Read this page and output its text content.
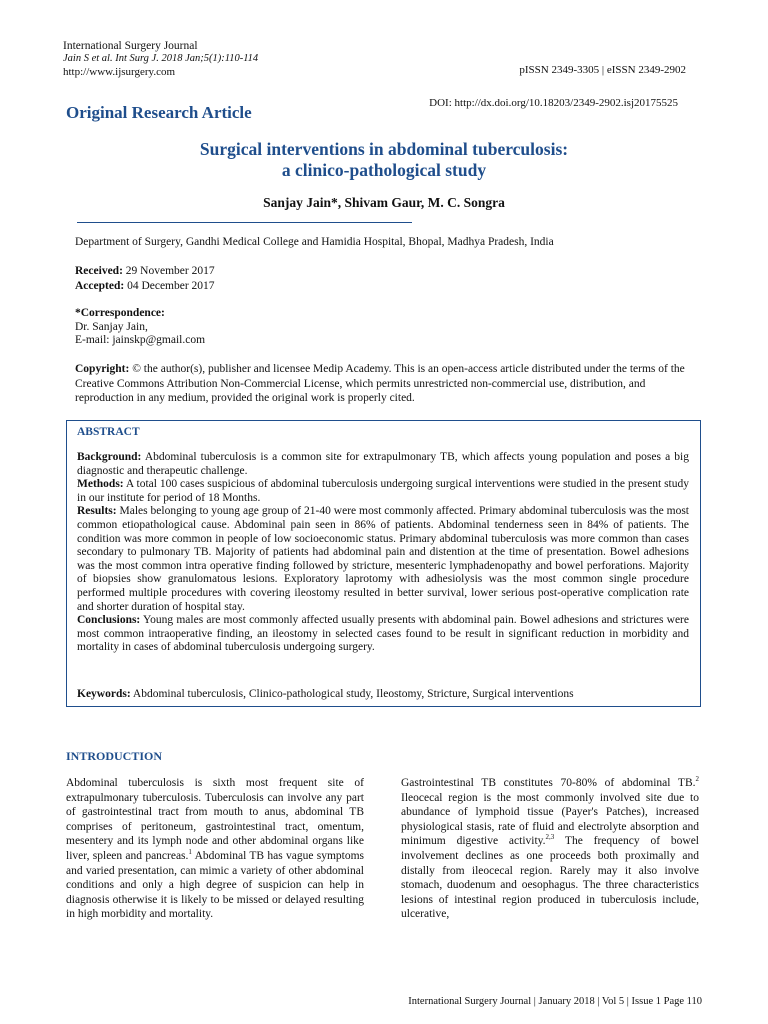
International Surgery Journal
Jain S et al. Int Surg J. 2018 Jan;5(1):110-114
http://www.ijsurgery.com	pISSN 2349-3305 | eISSN 2349-2902
Original Research Article	DOI: http://dx.doi.org/10.18203/2349-2902.isj20175525
Surgical interventions in abdominal tuberculosis:
a clinico-pathological study
Sanjay Jain*, Shivam Gaur, M. C. Songra
Department of Surgery, Gandhi Medical College and Hamidia Hospital, Bhopal, Madhya Pradesh, India
Received: 29 November 2017
Accepted: 04 December 2017
*Correspondence:
Dr. Sanjay Jain,
E-mail: jainskp@gmail.com
Copyright: © the author(s), publisher and licensee Medip Academy. This is an open-access article distributed under the terms of the Creative Commons Attribution Non-Commercial License, which permits unrestricted non-commercial use, distribution, and reproduction in any medium, provided the original work is properly cited.
ABSTRACT

Background: Abdominal tuberculosis is a common site for extrapulmonary TB, which affects young population and poses a big diagnostic and therapeutic challenge.

Methods: A total 100 cases suspicious of abdominal tuberculosis undergoing surgical interventions were studied in the present study in our institute for period of 18 Months.

Results: Males belonging to young age group of 21-40 were most commonly affected. Primary abdominal tuberculosis was the most common etiopathological cause. Abdominal pain seen in 86% of patients. Abdominal tenderness seen in 84% of patients. The condition was more common in people of low socioeconomic status. Primary abdominal tuberculosis was more common than cases secondary to pulmonary TB. Majority of patients had abdominal pain and distention at the time of presentation. Bowel adhesions was the most common intra operative finding followed by stricture, mesenteric lymphadenopathy and bowel perforations. Majority of biopsies show granulomatous lesions. Exploratory laprotomy with adhesiolysis was the most common single procedure performed multiple procedures with covering ileostomy resulted in better survival, lower serious post-operative complication rate and shorter duration of hospital stay.

Conclusions: Young males are most commonly affected usually presents with abdominal pain. Bowel adhesions and strictures were most common intraoperative finding, an ileostomy in selected cases found to be result in significant reduction in morbidity and mortality in cases of abdominal tuberculosis undergoing surgery.

Keywords: Abdominal tuberculosis, Clinico-pathological study, Ileostomy, Stricture, Surgical interventions
INTRODUCTION

Abdominal tuberculosis is sixth most frequent site of extrapulmonary tuberculosis. Tuberculosis can involve any part of gastrointestinal tract from mouth to anus, abdominal TB comprises of peritoneum, gastrointestinal tract, omentum, mesentery and its lymph node and other abdominal organs like liver, spleen and pancreas.$^1$ Abdominal TB has vague symptoms and varied presentation, can mimic a variety of other abdominal conditions and only a high degree of suspicion can help in diagnosis otherwise it is likely to be missed or delayed resulting in high morbidity and mortality.

Gastrointestinal TB constitutes 70-80% of abdominal TB.$^2$ Ileocecal region is the most commonly involved site due to abundance of lymphoid tissue (Payer's Patches), increased physiological stasis, rate of fluid and electrolyte absorption and minimum digestive activity.$^{2,3}$ The frequency of bowel involvement declines as one proceeds both proximally and distally from ileocecal region. Rarely may it also involve stomach, duodenum and oesophagus. The three characteristics lesions of intestinal region produced in tuberculosis include, ulcerative,

International Surgery Journal | January 2018 | Vol 5 | Issue 1 Page 110
